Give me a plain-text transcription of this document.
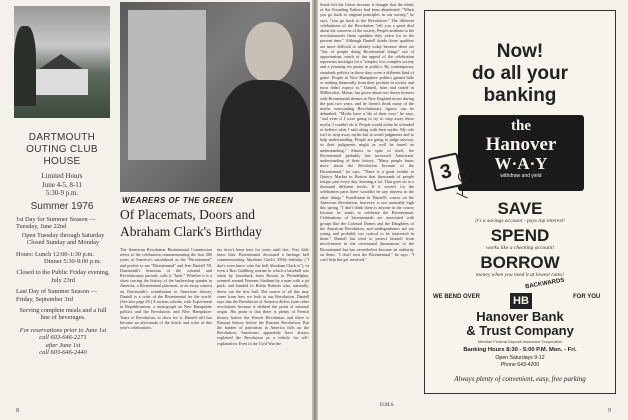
DARTMOUTH
OUTING CLUB
HOUSE
Limited Hours
June 4-5, 8-11
5:30-9 p.m.
Summer 1976
1st Day for Summer Season — Tuesday, June 22nd
Open Tuesday through Saturday
Closed Sunday and Monday
Hours: Lunch 12:00-1:30 p.m.
Dinner 5:30-9:00 p.m.
Closed to the Public Friday evening, July 23rd
Last Day of Summer Season — Friday, September 3rd
Serving complete meals and a full line of beverages.
For reservations prior to June 1st
call 603-646-2271
after June 1st
call 603-646-2440
WEARERS OF THE GREEN
Of Placemats, Doors and
Abraham Clark's Birthday

The American Revolution Bicentennial Commission refers to the celebration commemorating the first 200 years of America's nationhood as the "Bicentennial" and prefers to use "Bicentennial" and Jere Daniell '59, Dartmouth's historian of the colonial and Revolutionary periods, calls it "Junk." Whether it is a show tracing the history of the barbershop quartet in America, a Bicentennial placemat, or an essay contest on Dartmouth's contribution to American history, Daniell is a critic of the Bicentennial for the world. (See also page 29.) A serious scholar, with Experiment in Republicanism, a monograph on New Hampshire politics and the Revolution, and New Hampshire: Years of Revolution, to show for it, Daniell still has become an aficionado of the kitsch and color of this year's celebrations.

my door's been here for years until this. Very little fazes him: Bicentennial decorated a heritage bell commemorating Abraham Clark's 250th birthday ("I don't even know who the hell Abraham Clark is"), or even a Ron Goldberg routine in which a baseball was taken by horseback from Boston to Philadelphia, zoomed around Veterans Stadium by a man with a jet pack, and handed to Robin Roberts who, naturally, threw out the first ball. The source of all this may come from how we look at our Revolution. Daniell says that the Revolution of America differs from other revolutions because it defined the point of national origin. His point is that there is plenty of French history before the French Revolution and there is Russian history before the Russian Revolution. But the burden of patriotism in America falls on the Revolution; Americans apparently have always exploited the Revolution as a vehicle for self-explanation. Even in the Civil War the

8

South left the Union because it thought that the ideals of the Founding Fathers had been abandoned. "When you go back to original principles in our society," he says, "you go back to the Revolution." The different celebrations of the Revolution "tell you a great deal about the concerns of the society. People attribute to the revolutionaries those qualities they yearn for in the present time." Although Daniell thinks those qualities are more difficult to identify today because there are "lots of people doing Bicentennial things" out of opportunism, much of the appeal of the celebration represents nostalgia for a "simpler, less complex society and a yearning for purity in politics. By contemporary standards politics in those days were a different kind of game. People in New Hampshire politics gained little or nothing financially from their position in society and most didn't expect to." Daniell, born and raised in Millinocket, Maine, has given about two dozen lectures with Bicentennial themes in New England towns during the past two years, and he doesn't think many of the myths surrounding Revolutionary figures can be debunked. "Myths have a life of their own," he says, "and even if I were going to try to strip away those myths, I couldn't do it. People would either be offended or believe what I said along with their myths. My role isn't to strip away myths but to avoid judgments and to help understanding. People are going to judge anyway, so their judgments might as well be based on understanding." Almost in spite of itself, the Bicentennial probably has increased Americans' understanding of their history. "Many people know more about the Revolution because of the Bicentennial," he says. "There is a great exhibit in Quincy Market in Boston that thousands of people traipse past every day, learning a lot. That goes on at a thousand different levels. If it weren't for the celebration parts there wouldn't be any interest in the other things." Enrollment in Daniell's course on the American Revolution, however, is not unusually high this spring. "I don't think there is anyone in the course because he wants to celebrate the Bicentennial. Celebrations of bicentennials are associated with groups like the Colonial Dames and the Daughters of the American Revolution, and undergraduates are too young and probably too cynical to be interested in them." Daniell has tried to protect himself from involvement in the ceremonial dimensions of the Bicentennial but has nevertheless become an authority on them. "I don't own the Bicentennial," he says. "I can't help but get involved."

D.M.S.
Now!
do all your
banking
the
Hanover
W·A·Y
withdraw and yield
3
SAVE
it's a savings account - pays top interest!
SPEND
works like a checking account!
BORROW
money when you need it at lowest rates!
BACKWARDS
WE BEND OVER	FOR YOU
HB
Hanover Bank
& Trust Company
Member Federal Deposit Insurance Corporation
Banking Hours 8:30 - 5:00 P.M. Mon. - Fri.
Open Saturdays 9-12
Phone 643-4200
Always plenty of convenient, easy, free parking
9
